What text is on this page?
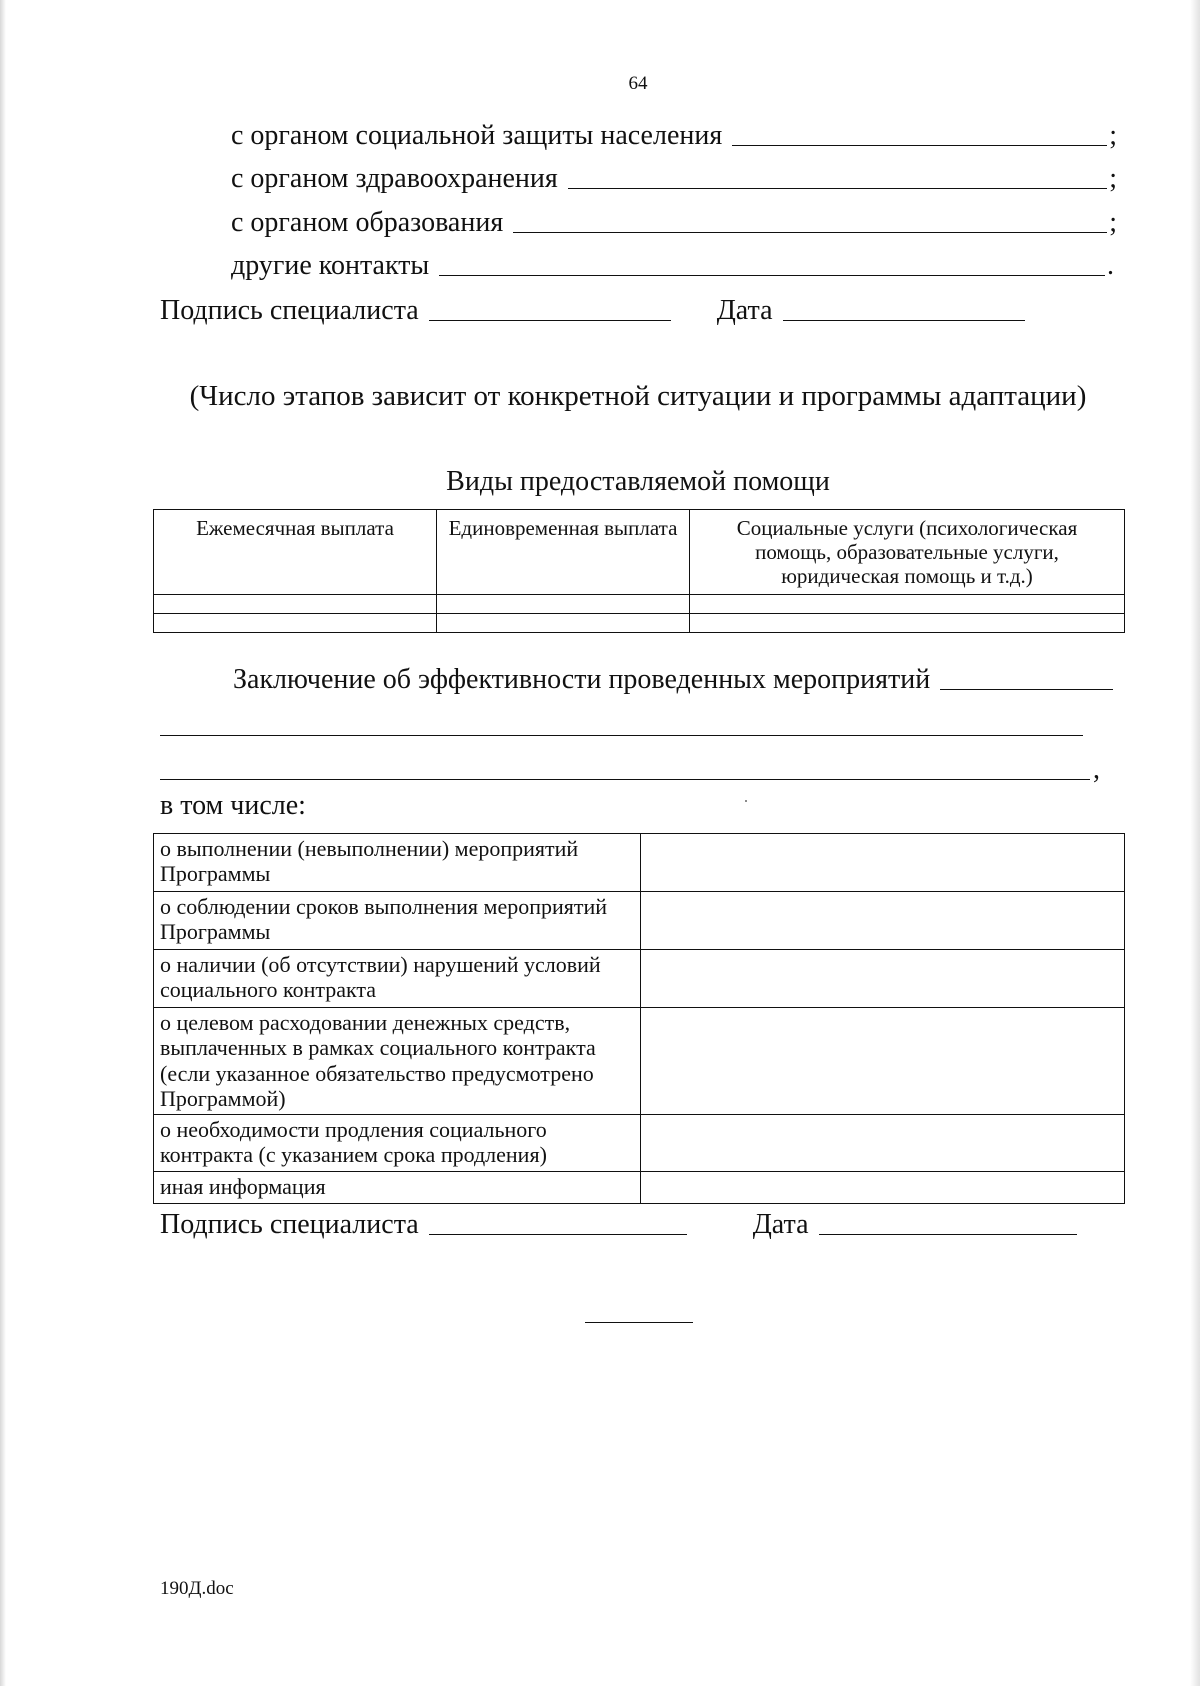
64
с органом социальной защиты населения	;
с органом здравоохранения	;
с органом образования	;
другие контакты	.
Подпись специалиста	Дата
(Число этапов зависит от конкретной ситуации и программы адаптации)
Виды предоставляемой помощи
Ежемесячная выплата	Единовременная выплата	Социальные услуги (психологическая помощь, образовательные услуги, юридическая помощь и т.д.)

Заключение об эффективности проведенных мероприятий
,
в том числе:
о выполнении (невыполнении) мероприятий Программы	
о соблюдении сроков выполнения мероприятий Программы	
о наличии (об отсутствии) нарушений условий социального контракта	
о целевом расходовании денежных средств, выплаченных в рамках социального контракта (если указанное обязательство предусмотрено Программой)	
о необходимости продления социального контракта (с указанием срока продления)	
иная информация	
Подпись специалиста	Дата
190Д.doc
